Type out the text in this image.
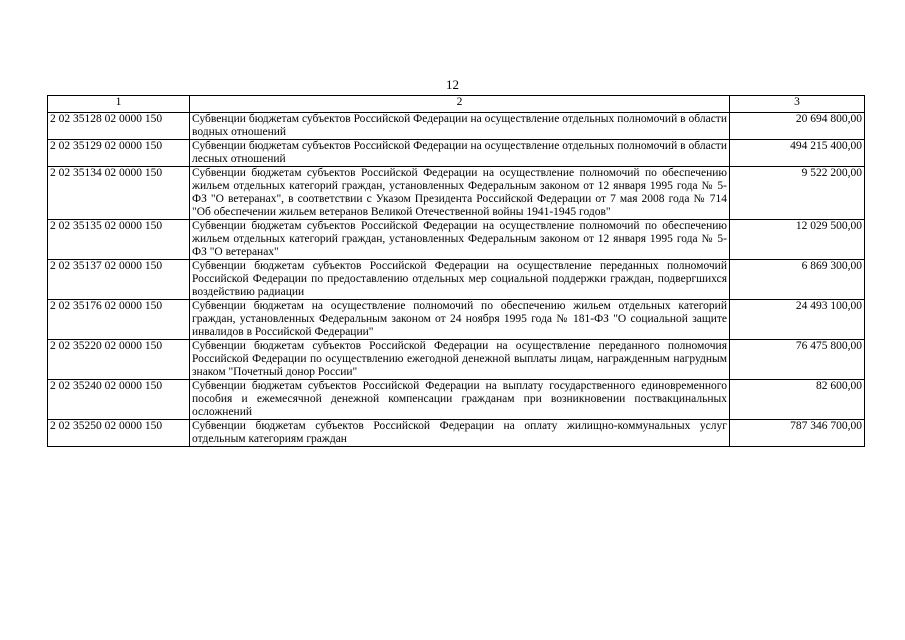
12
1	2	3
2 02 35128 02 0000 150	Субвенции бюджетам субъектов Российской Федерации на осуществление отдельных полномочий в области водных отношений	20 694 800,00
2 02 35129 02 0000 150	Субвенции бюджетам субъектов Российской Федерации на осуществление отдельных полномочий в области лесных отношений	494 215 400,00
2 02 35134 02 0000 150	Субвенции бюджетам субъектов Российской Федерации на осуществление полномочий по обеспечению жильем отдельных категорий граждан, установленных Федеральным законом от 12 января 1995 года № 5-ФЗ "О ветеранах", в соответствии с Указом Президента Российской Федерации от 7 мая 2008 года № 714 "Об обеспечении жильем ветеранов Великой Отечественной войны 1941-1945 годов"	9 522 200,00
2 02 35135 02 0000 150	Субвенции бюджетам субъектов Российской Федерации на осуществление полномочий по обеспечению жильем отдельных категорий граждан, установленных Федеральным законом от 12 января 1995 года № 5-ФЗ "О ветеранах"	12 029 500,00
2 02 35137 02 0000 150	Субвенции бюджетам субъектов Российской Федерации на осуществление переданных полномочий Российской Федерации по предоставлению отдельных мер социальной поддержки граждан, подвергшихся воздействию радиации	6 869 300,00
2 02 35176 02 0000 150	Субвенции бюджетам на осуществление полномочий по обеспечению жильем отдельных категорий граждан, установленных Федеральным законом от 24 ноября 1995 года № 181-ФЗ "О социальной защите инвалидов в Российской Федерации"	24 493 100,00
2 02 35220 02 0000 150	Субвенции бюджетам субъектов Российской Федерации на осуществление переданного полномочия Российской Федерации по осуществлению ежегодной денежной выплаты лицам, награжденным нагрудным знаком "Почетный донор России"	76 475 800,00
2 02 35240 02 0000 150	Субвенции бюджетам субъектов Российской Федерации на выплату государственного единовременного пособия и ежемесячной денежной компенсации гражданам при возникновении поствакцинальных осложнений	82 600,00
2 02 35250 02 0000 150	Субвенции бюджетам субъектов Российской Федерации на оплату жилищно-коммунальных услуг отдельным категориям граждан	787 346 700,00
